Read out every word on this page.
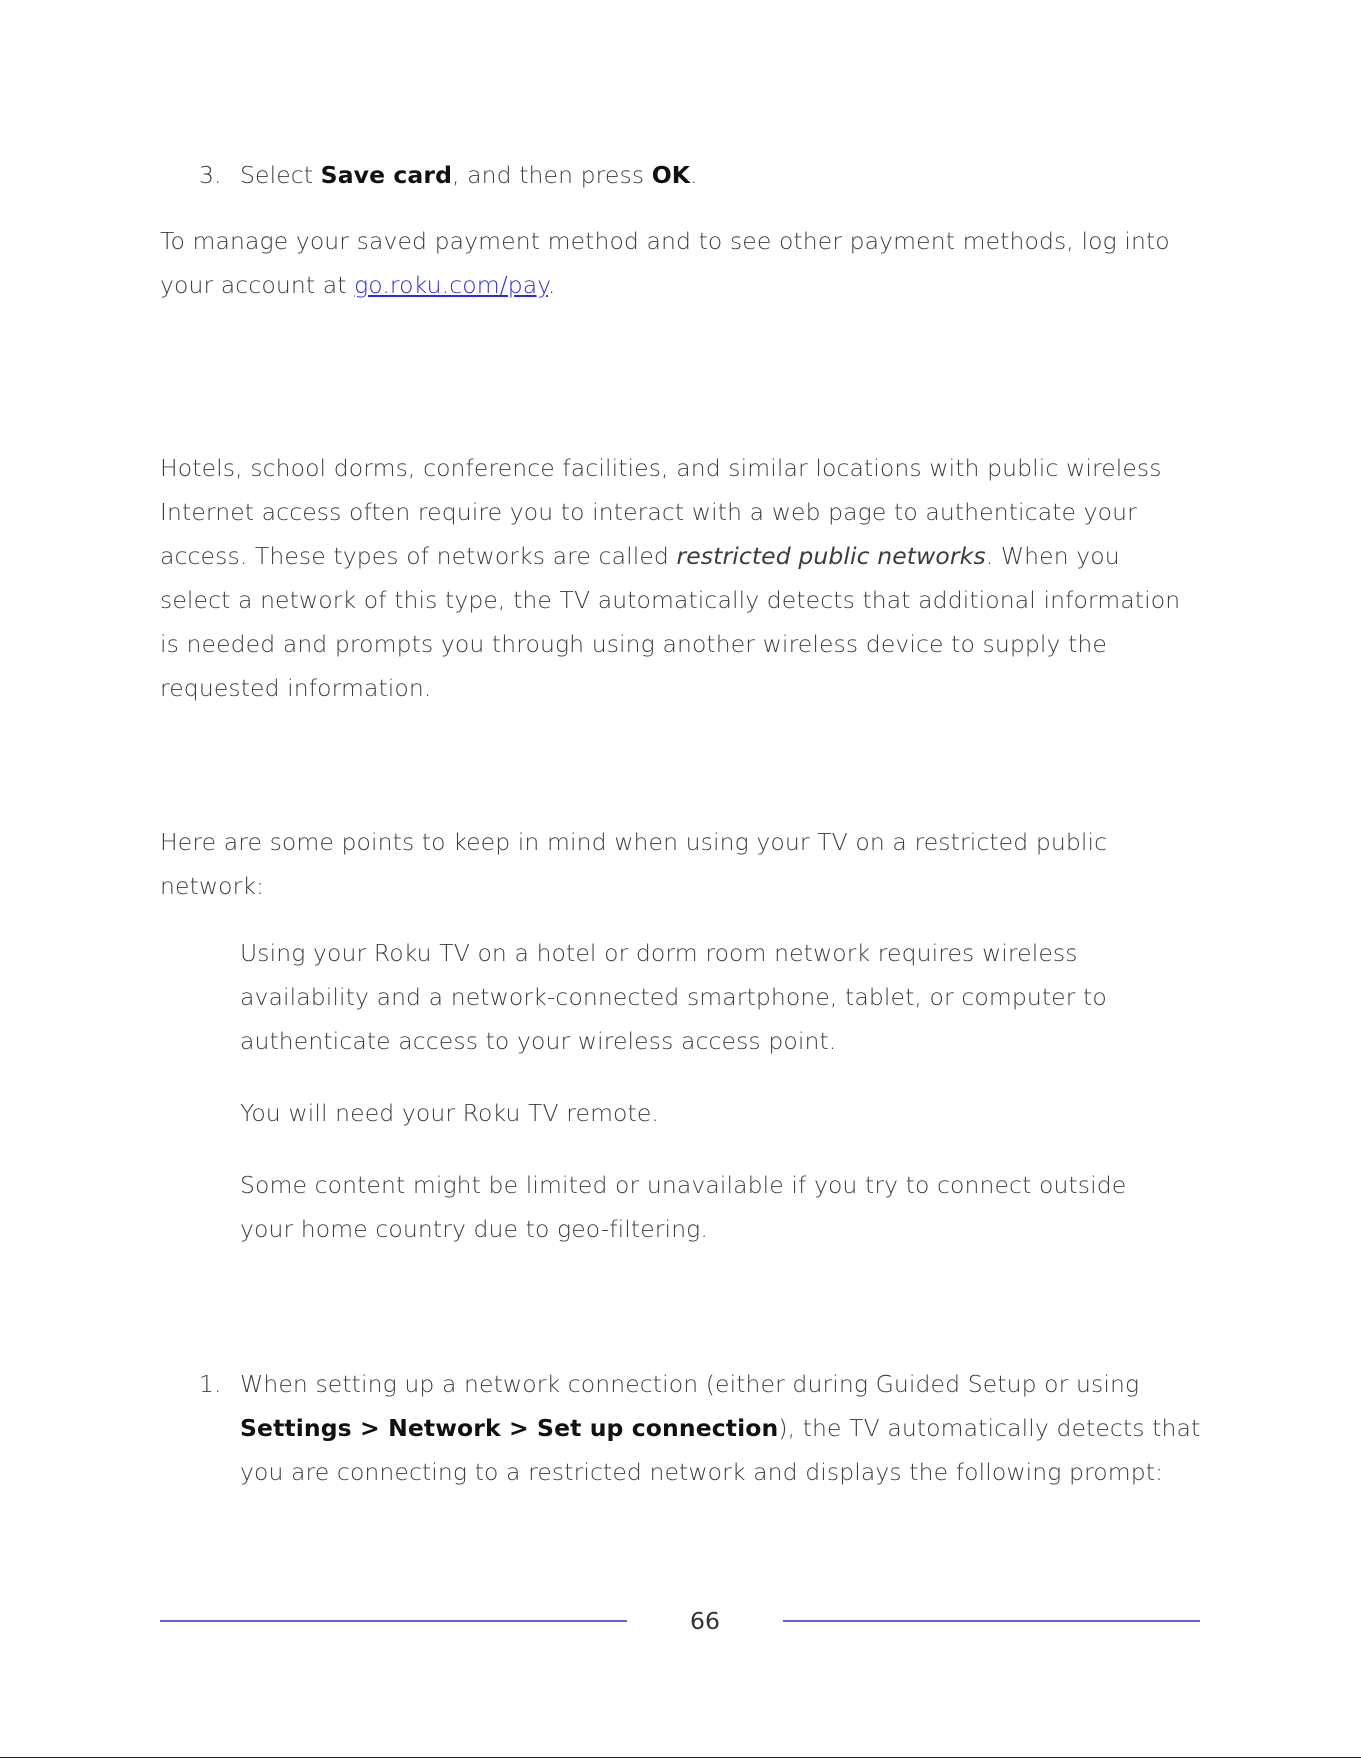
3. Select Save card, and then press OK.
To manage your saved payment method and to see other payment methods, log into
your account at go.roku.com/pay.
Hotels, school dorms, conference facilities, and similar locations with public wireless
Internet access often require you to interact with a web page to authenticate your
access. These types of networks are called restricted public networks. When you
select a network of this type, the TV automatically detects that additional information
is needed and prompts you through using another wireless device to supply the
requested information.
Here are some points to keep in mind when using your TV on a restricted public
network:
Using your Roku TV on a hotel or dorm room network requires wireless
availability and a network-connected smartphone, tablet, or computer to
authenticate access to your wireless access point.
You will need your Roku TV remote.
Some content might be limited or unavailable if you try to connect outside
your home country due to geo-filtering.
1. When setting up a network connection (either during Guided Setup or using
Settings > Network > Set up connection), the TV automatically detects that
you are connecting to a restricted network and displays the following prompt:
66
